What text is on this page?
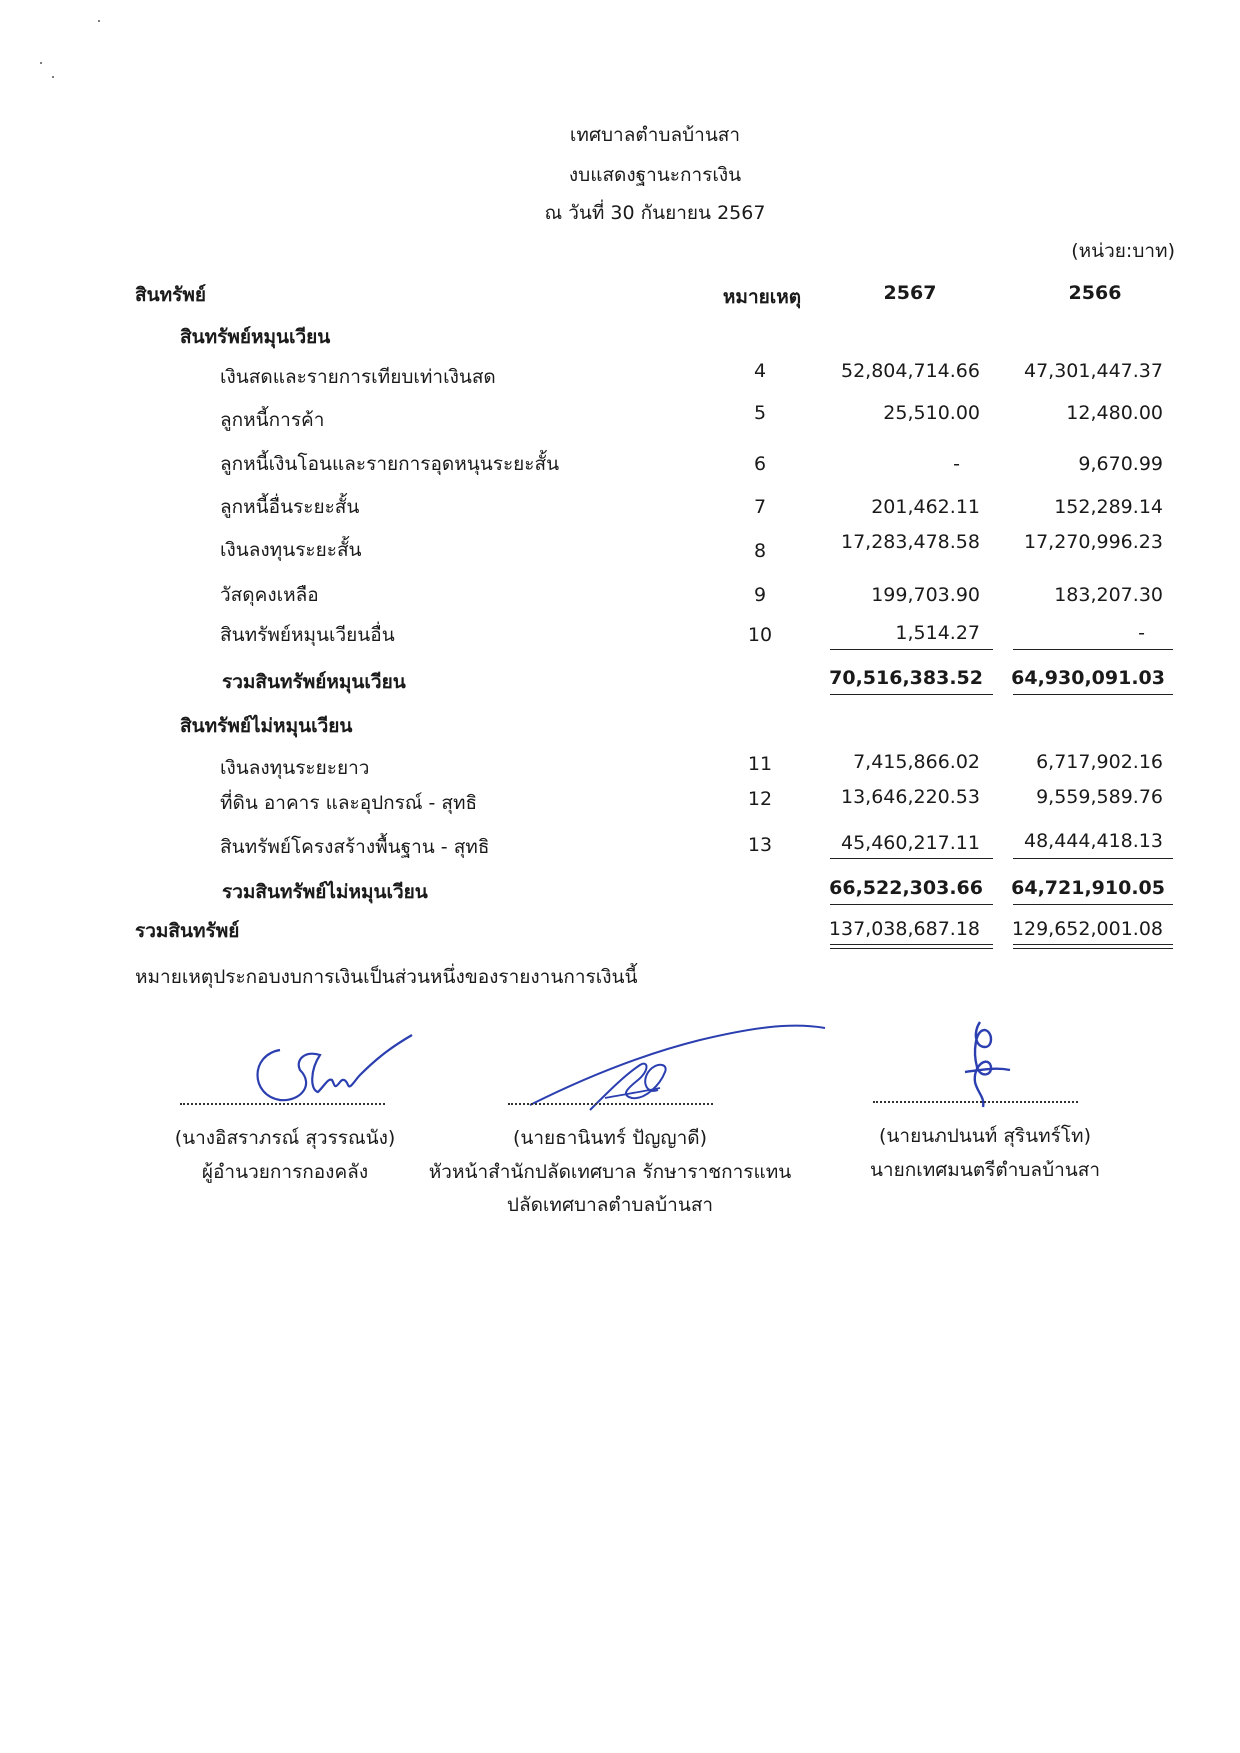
เทศบาลตำบลบ้านสา
งบแสดงฐานะการเงิน
ณ วันที่ 30 กันยายน 2567
(หน่วย:บาท)
สินทรัพย์	หมายเหตุ	2567	2566
สินทรัพย์หมุนเวียน
เงินสดและรายการเทียบเท่าเงินสด	4	52,804,714.66	47,301,447.37
ลูกหนี้การค้า	5	25,510.00	12,480.00
ลูกหนี้เงินโอนและรายการอุดหนุนระยะสั้น	6	-	9,670.99
ลูกหนี้อื่นระยะสั้น	7	201,462.11	152,289.14
เงินลงทุนระยะสั้น	8	17,283,478.58	17,270,996.23
วัสดุคงเหลือ	9	199,703.90	183,207.30
สินทรัพย์หมุนเวียนอื่น	10	1,514.27	-
รวมสินทรัพย์หมุนเวียน	70,516,383.52	64,930,091.03
สินทรัพย์ไม่หมุนเวียน
เงินลงทุนระยะยาว	11	7,415,866.02	6,717,902.16
ที่ดิน อาคาร และอุปกรณ์ - สุทธิ	12	13,646,220.53	9,559,589.76
สินทรัพย์โครงสร้างพื้นฐาน - สุทธิ	13	45,460,217.11	48,444,418.13
รวมสินทรัพย์ไม่หมุนเวียน	66,522,303.66	64,721,910.05
รวมสินทรัพย์	137,038,687.18	129,652,001.08
หมายเหตุประกอบงบการเงินเป็นส่วนหนึ่งของรายงานการเงินนี้
(นางอิสราภรณ์ สุวรรณนัง)
ผู้อำนวยการกองคลัง
(นายธานินทร์ ปัญญาดี)
หัวหน้าสำนักปลัดเทศบาล รักษาราชการแทน
ปลัดเทศบาลตำบลบ้านสา
(นายนภปนนท์ สุรินทร์โท)
นายกเทศมนตรีตำบลบ้านสา
